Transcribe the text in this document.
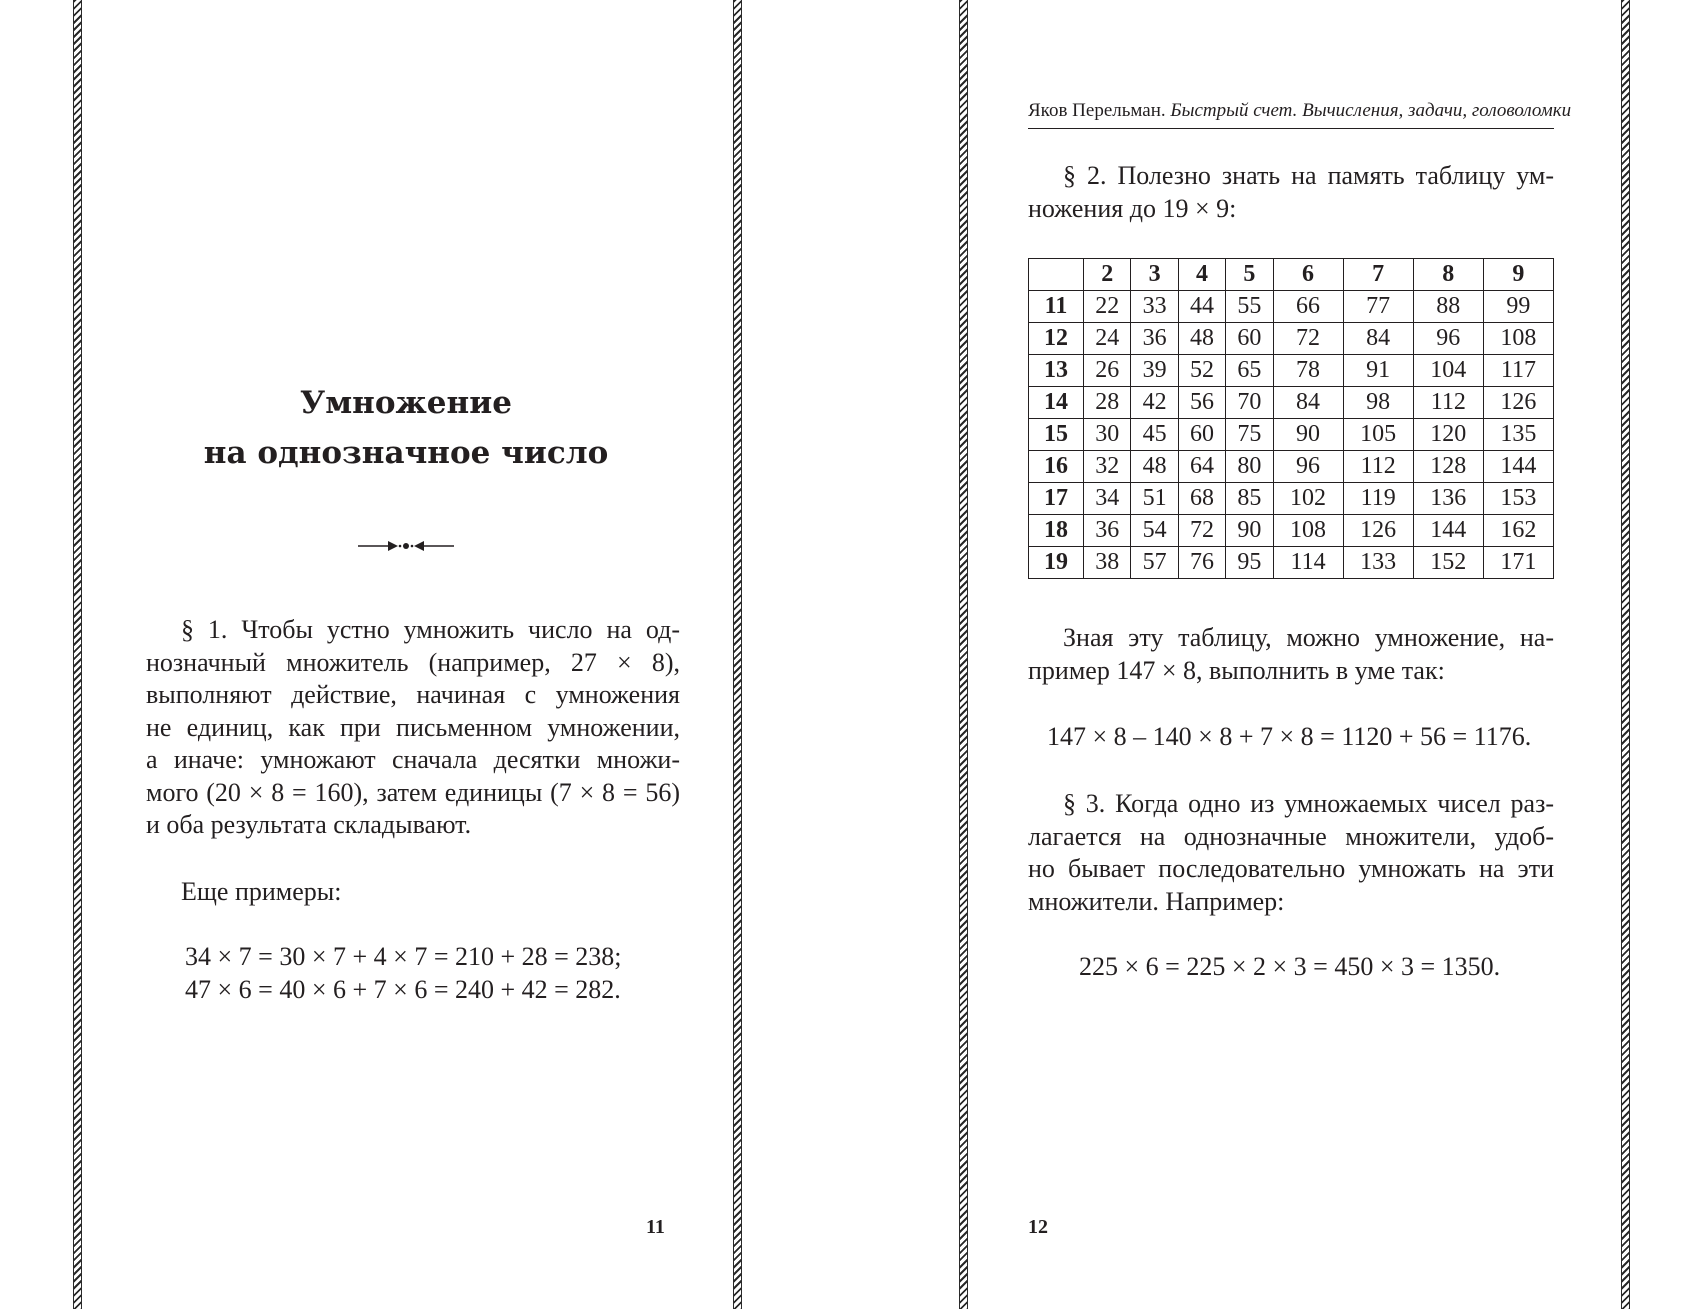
Умножение
на однозначное число
§ 1. Чтобы устно умножить число на од-
нозначный множитель (например, 27 × 8),
выполняют действие, начиная с умножения
не единиц, как при письменном умножении,
а иначе: умножают сначала десятки множи-
мого (20 × 8 = 160), затем единицы (7 × 8 = 56)
и оба результата складывают.
Еще примеры:
34 × 7 = 30 × 7 + 4 × 7 = 210 + 28 = 238;
47 × 6 = 40 × 6 + 7 × 6 = 240 + 42 = 282.
11
Яков Перельман. Быстрый счет. Вычисления, задачи, головоломки
§ 2. Полезно знать на память таблицу ум-
ножения до 19 × 9:
	2	3	4	5	6	7	8	9
11	22	33	44	55	66	77	88	99
12	24	36	48	60	72	84	96	108
13	26	39	52	65	78	91	104	117
14	28	42	56	70	84	98	112	126
15	30	45	60	75	90	105	120	135
16	32	48	64	80	96	112	128	144
17	34	51	68	85	102	119	136	153
18	36	54	72	90	108	126	144	162
19	38	57	76	95	114	133	152	171
Зная эту таблицу, можно умножение, на-
пример 147 × 8, выполнить в уме так:
147 × 8 – 140 × 8 + 7 × 8 = 1120 + 56 = 1176.
§ 3. Когда одно из умножаемых чисел раз-
лагается на однозначные множители, удоб-
но бывает последовательно умножать на эти
множители. Например:
225 × 6 = 225 × 2 × 3 = 450 × 3 = 1350.
12
